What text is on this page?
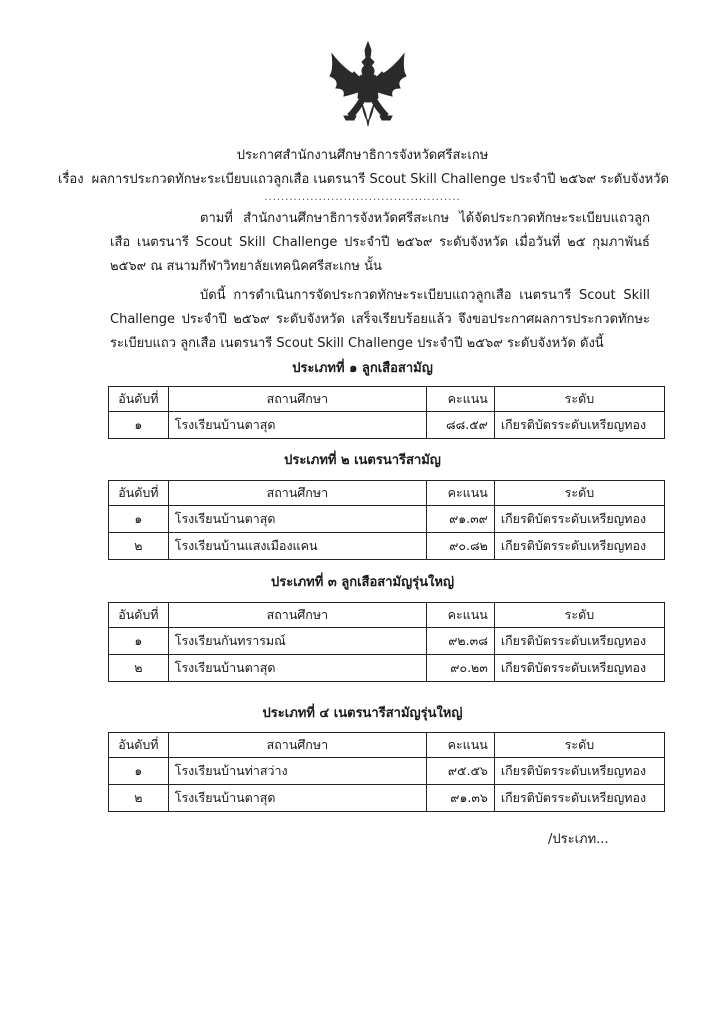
ประกาศสำนักงานศึกษาธิการจังหวัดศรีสะเกษ
เรื่อง ผลการประกวดทักษะระเบียบแถวลูกเสือ เนตรนารี Scout Skill Challenge ประจำปี ๒๕๖๙ ระดับจังหวัด
...............................................
ตามที่ สำนักงานศึกษาธิการจังหวัดศรีสะเกษ ได้จัดประกวดทักษะระเบียบแถวลูกเสือ เนตรนารี Scout Skill Challenge ประจำปี ๒๕๖๙ ระดับจังหวัด เมื่อวันที่ ๒๕ กุมภาพันธ์ ๒๕๖๙ ณ สนามกีฬาวิทยาลัยเทคนิคศรีสะเกษ นั้น
บัดนี้ การดำเนินการจัดประกวดทักษะระเบียบแถวลูกเสือ เนตรนารี Scout Skill Challenge ประจำปี ๒๕๖๙ ระดับจังหวัด เสร็จเรียบร้อยแล้ว จึงขอประกาศผลการประกวดทักษะระเบียบแถว ลูกเสือ เนตรนารี Scout Skill Challenge ประจำปี ๒๕๖๙ ระดับจังหวัด ดังนี้
ประเภทที่ ๑ ลูกเสือสามัญ
อันดับที่	สถานศึกษา	คะแนน	ระดับ
๑	โรงเรียนบ้านตาสุด	๘๘.๕๙	เกียรติบัตรระดับเหรียญทอง
ประเภทที่ ๒ เนตรนารีสามัญ
อันดับที่	สถานศึกษา	คะแนน	ระดับ
๑	โรงเรียนบ้านตาสุด	๙๑.๓๙	เกียรติบัตรระดับเหรียญทอง
๒	โรงเรียนบ้านแสงเมืองแคน	๙๐.๘๒	เกียรติบัตรระดับเหรียญทอง
ประเภทที่ ๓ ลูกเสือสามัญรุ่นใหญ่
อันดับที่	สถานศึกษา	คะแนน	ระดับ
๑	โรงเรียนกันทรารมณ์	๙๒.๓๘	เกียรติบัตรระดับเหรียญทอง
๒	โรงเรียนบ้านตาสุด	๙๐.๒๓	เกียรติบัตรระดับเหรียญทอง
ประเภทที่ ๔ เนตรนารีสามัญรุ่นใหญ่
อันดับที่	สถานศึกษา	คะแนน	ระดับ
๑	โรงเรียนบ้านท่าสว่าง	๙๕.๕๖	เกียรติบัตรระดับเหรียญทอง
๒	โรงเรียนบ้านตาสุด	๙๑.๓๖	เกียรติบัตรระดับเหรียญทอง
/ประเภท...
